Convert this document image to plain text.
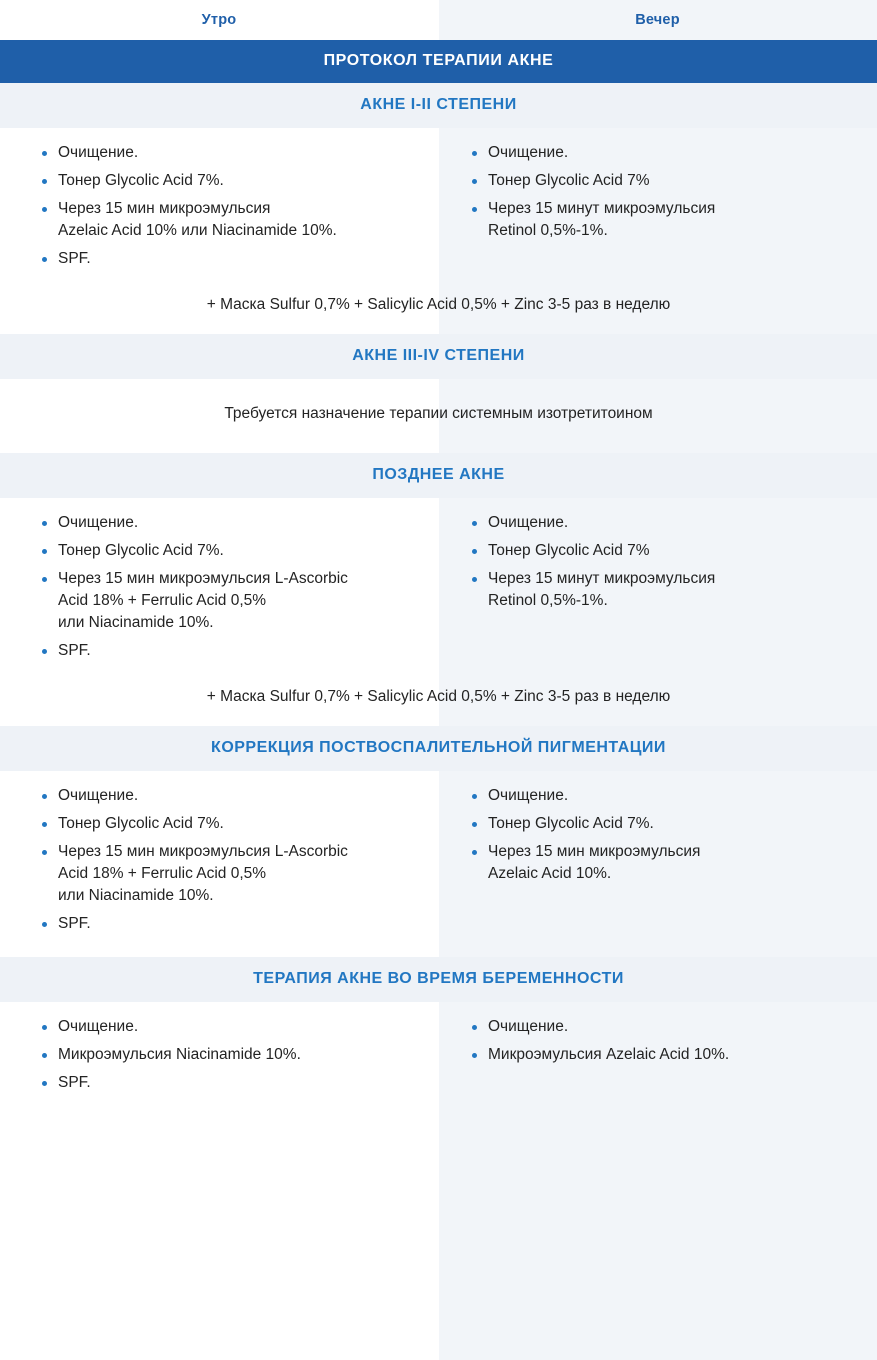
Утро	Вечер
ПРОТОКОЛ ТЕРАПИИ АКНЕ
АКНЕ I-II СТЕПЕНИ
Очищение.
Тонер Glycolic Acid 7%.
Через 15 мин микроэмульсия
Azelaic Acid 10% или Niacinamide 10%.
SPF.
Очищение.
Тонер Glycolic Acid 7%
Через 15 минут микроэмульсия
Retinol 0,5%-1%.
+ Маска Sulfur 0,7% + Salicylic Acid 0,5% + Zinc 3-5 раз в неделю
АКНЕ III-IV СТЕПЕНИ
Требуется назначение терапии системным изотретитоином
ПОЗДНЕЕ АКНЕ
Очищение.
Тонер Glycolic Acid 7%.
Через 15 мин микроэмульсия L-Ascorbic
Acid 18% + Ferrulic Acid 0,5%
или Niacinamide 10%.
SPF.
Очищение.
Тонер Glycolic Acid 7%
Через 15 минут микроэмульсия
Retinol 0,5%-1%.
+ Маска Sulfur 0,7% + Salicylic Acid 0,5% + Zinc 3-5 раз в неделю
КОРРЕКЦИЯ ПОСТВОСПАЛИТЕЛЬНОЙ ПИГМЕНТАЦИИ
Очищение.
Тонер Glycolic Acid 7%.
Через 15 мин микроэмульсия L-Ascorbic
Acid 18% + Ferrulic Acid 0,5%
или Niacinamide 10%.
SPF.
Очищение.
Тонер Glycolic Acid 7%.
Через 15 мин микроэмульсия
Azelaic Acid 10%.
ТЕРАПИЯ АКНЕ ВО ВРЕМЯ БЕРЕМЕННОСТИ
Очищение.
Микроэмульсия Niacinamide 10%.
SPF.
Очищение.
Микроэмульсия Azelaic Acid 10%.
